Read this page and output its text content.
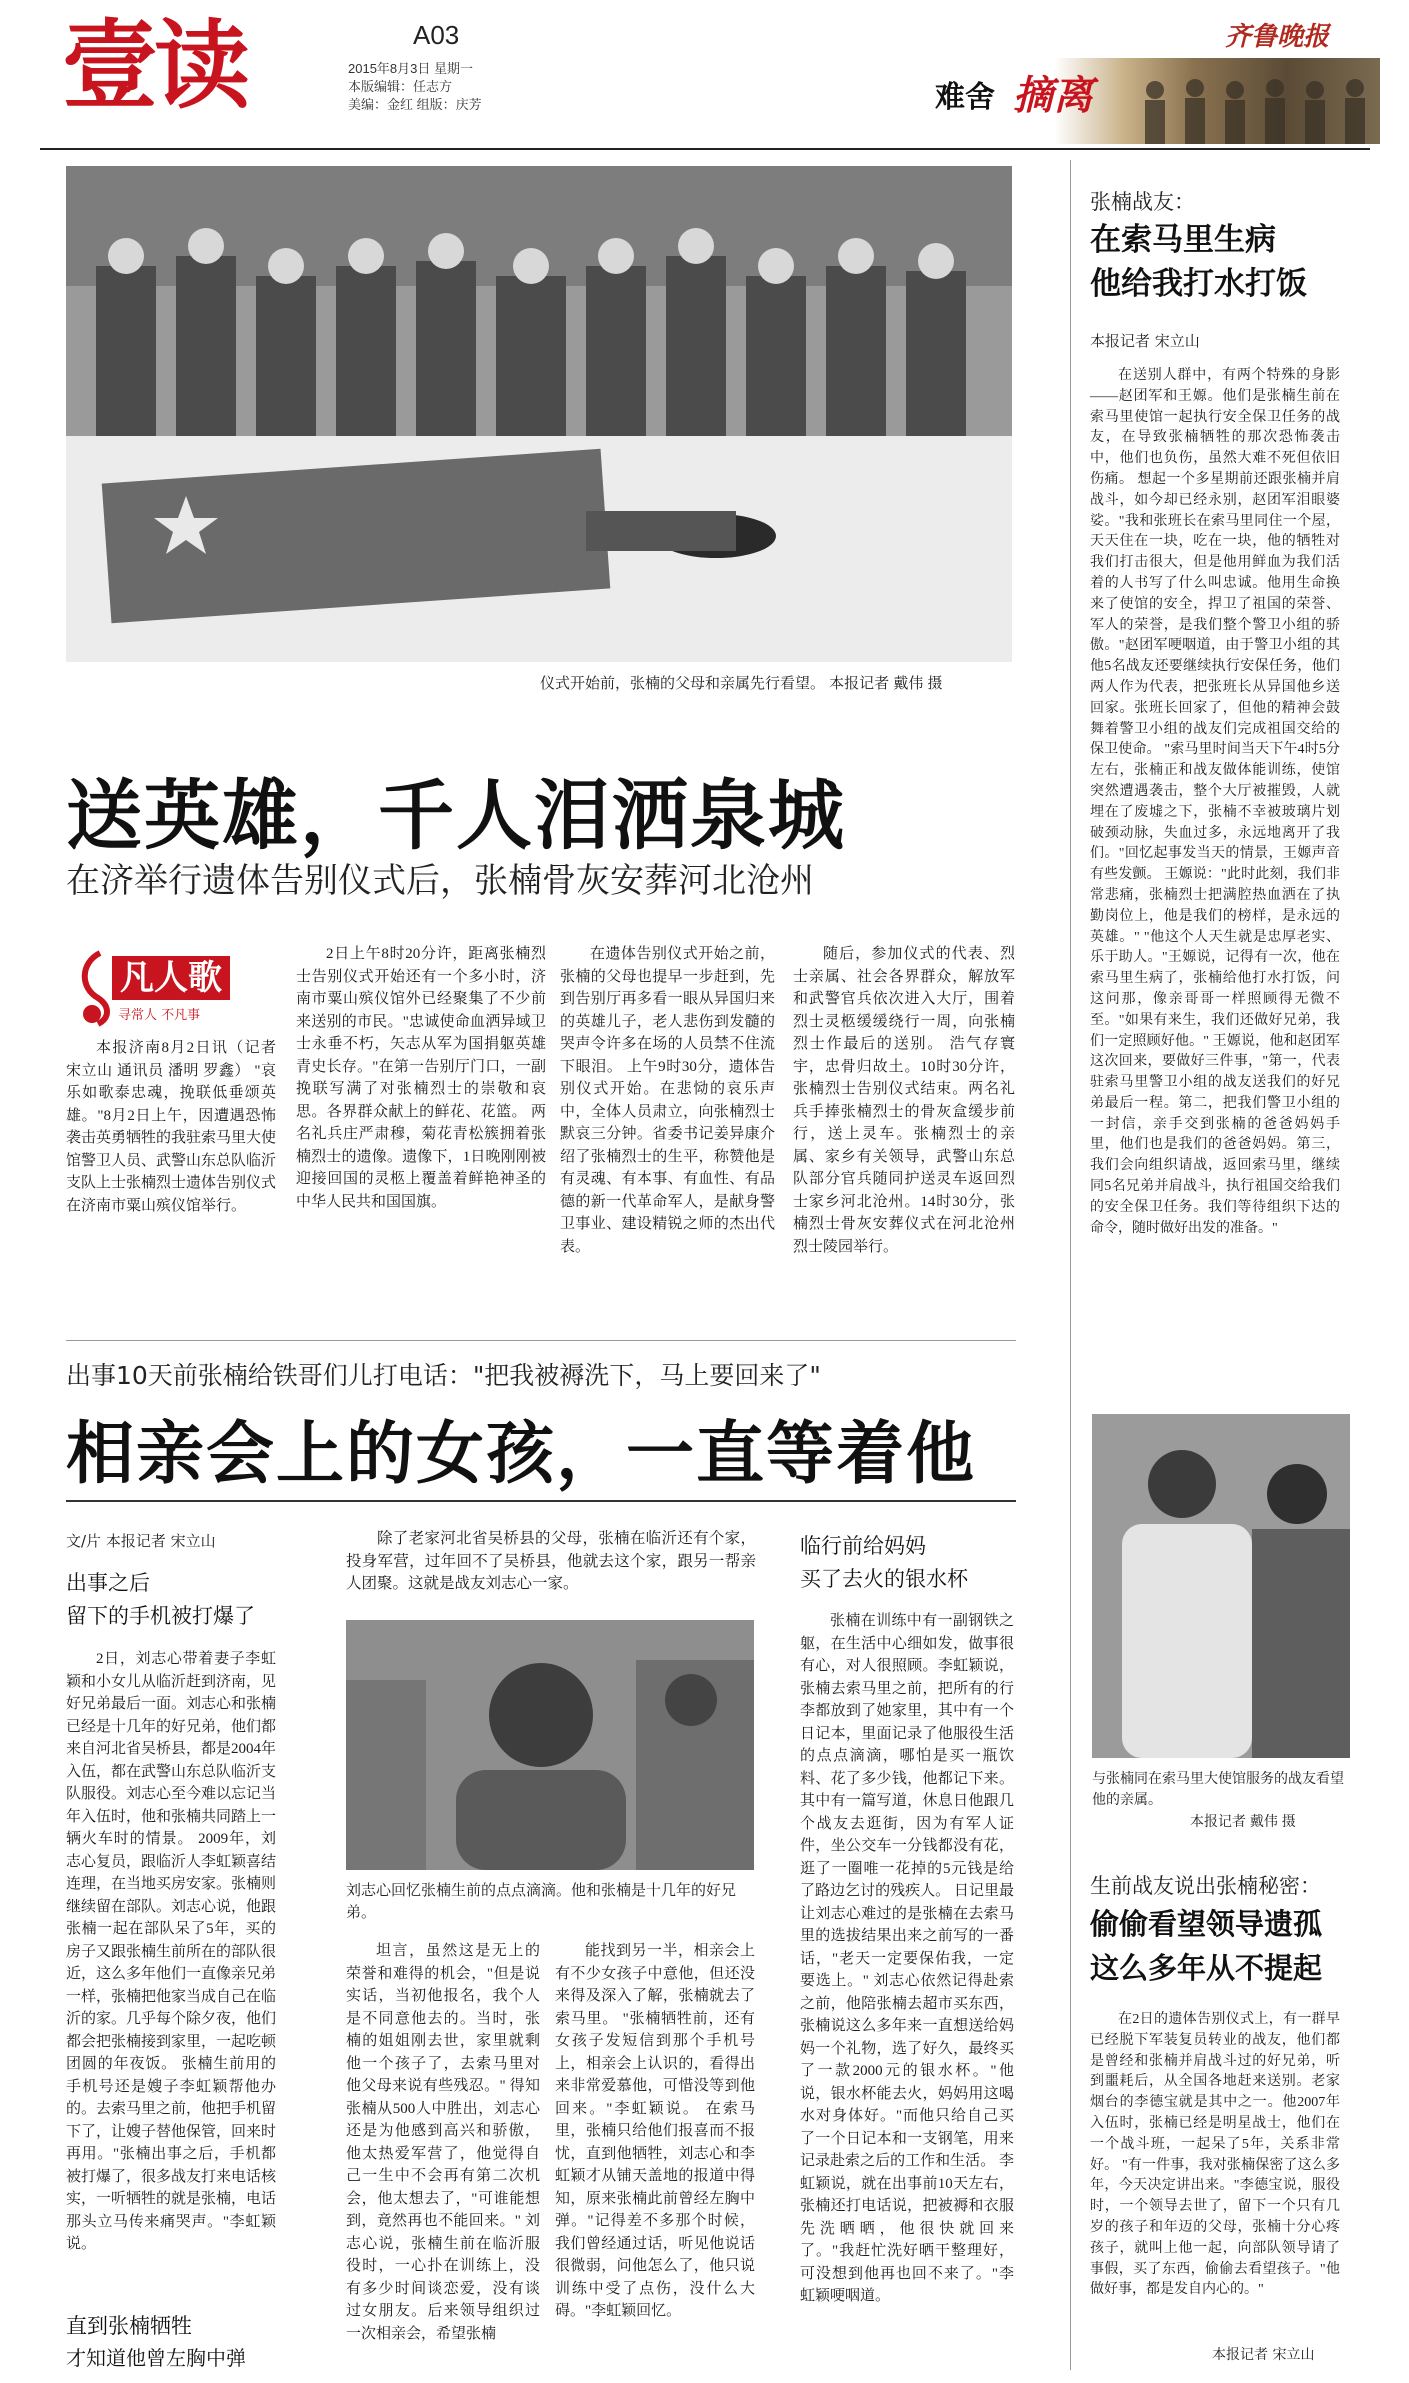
壹读	A03
2015年8月3日 星期一
本版编辑：任志方
美编：金红 组版：庆芳
齐鲁晚报
难舍 摘离
仪式开始前，张楠的父母和亲属先行看望。 本报记者 戴伟 摄
送英雄，千人泪洒泉城
在济举行遗体告别仪式后，张楠骨灰安葬河北沧州
凡人歌
寻常人 不凡事

本报济南8月2日讯（记者 宋立山 通讯员 潘明 罗鑫） "哀乐如歌泰忠魂，挽联低垂颂英雄。"8月2日上午，因遭遇恐怖袭击英勇牺牲的我驻索马里大使馆警卫人员、武警山东总队临沂支队上士张楠烈士遗体告别仪式在济南市粟山殡仪馆举行。

2日上午8时20分许，距离张楠烈士告别仪式开始还有一个多小时，济南市粟山殡仪馆外已经聚集了不少前来送别的市民。"忠诚使命血洒异域卫士永垂不朽，矢志从军为国捐躯英雄青史长存。"在第一告别厅门口，一副挽联写满了对张楠烈士的崇敬和哀思。各界群众献上的鲜花、花篮。 两名礼兵庄严肃穆，菊花青松簇拥着张楠烈士的遗像。遗像下，1日晚刚刚被迎接回国的灵柩上覆盖着鲜艳神圣的中华人民共和国国旗。

在遗体告别仪式开始之前，张楠的父母也提早一步赶到，先到告别厅再多看一眼从异国归来的英雄儿子，老人悲伤到发髓的哭声令许多在场的人员禁不住流下眼泪。 上午9时30分，遗体告别仪式开始。在悲恸的哀乐声中，全体人员肃立，向张楠烈士默哀三分钟。省委书记姜异康介绍了张楠烈士的生平，称赞他是有灵魂、有本事、有血性、有品德的新一代革命军人，是献身警卫事业、建设精锐之师的杰出代表。

随后，参加仪式的代表、烈士亲属、社会各界群众，解放军和武警官兵依次进入大厅，围着烈士灵柩缓缓绕行一周，向张楠烈士作最后的送别。 浩气存寰宇，忠骨归故土。10时30分许，张楠烈士告别仪式结束。两名礼兵手捧张楠烈士的骨灰盒缓步前行，送上灵车。张楠烈士的亲属、家乡有关领导，武警山东总队部分官兵随同护送灵车返回烈士家乡河北沧州。14时30分，张楠烈士骨灰安葬仪式在河北沧州烈士陵园举行。

出事10天前张楠给铁哥们儿打电话："把我被褥洗下，马上要回来了"
相亲会上的女孩，一直等着他
文/片 本报记者 宋立山
出事之后
留下的手机被打爆了

2日，刘志心带着妻子李虹颖和小女儿从临沂赶到济南，见好兄弟最后一面。刘志心和张楠已经是十几年的好兄弟，他们都来自河北省吴桥县，都是2004年入伍，都在武警山东总队临沂支队服役。刘志心至今难以忘记当年入伍时，他和张楠共同踏上一辆火车时的情景。 2009年，刘志心复员，跟临沂人李虹颖喜结连理，在当地买房安家。张楠则继续留在部队。刘志心说，他跟张楠一起在部队呆了5年，买的房子又跟张楠生前所在的部队很近，这么多年他们一直像亲兄弟一样，张楠把他家当成自己在临沂的家。几乎每个除夕夜，他们都会把张楠接到家里，一起吃顿团圆的年夜饭。 张楠生前用的手机号还是嫂子李虹颖帮他办的。去索马里之前，他把手机留下了，让嫂子替他保管，回来时再用。"张楠出事之后，手机都被打爆了，很多战友打来电话核实，一听牺牲的就是张楠，电话那头立马传来痛哭声。"李虹颖说。

直到张楠牺牲
才知道他曾左胸中弹

除了老家河北省吴桥县的父母，张楠在临沂还有个家，投身军营，过年回不了吴桥县，他就去这个家，跟另一帮亲人团聚。这就是战友刘志心一家。

刘志心回忆张楠生前的点点滴滴。他和张楠是十几年的好兄弟。

坦言，虽然这是无上的荣誉和难得的机会，"但是说实话，当初他报名，我个人是不同意他去的。当时，张楠的姐姐刚去世，家里就剩他一个孩子了，去索马里对他父母来说有些残忍。" 得知张楠从500人中胜出，刘志心还是为他感到高兴和骄傲，他太热爱军营了，他觉得自己一生中不会再有第二次机会，他太想去了，"可谁能想到，竟然再也不能回来。" 刘志心说，张楠生前在临沂服役时，一心扑在训练上，没有多少时间谈恋爱，没有谈过女朋友。后来领导组织过一次相亲会，希望张楠

能找到另一半，相亲会上有不少女孩子中意他，但还没来得及深入了解，张楠就去了索马里。 "张楠牺牲前，还有女孩子发短信到那个手机号上，相亲会上认识的，看得出来非常爱慕他，可惜没等到他回来。"李虹颖说。 在索马里，张楠只给他们报喜而不报忧，直到他牺牲，刘志心和李虹颖才从铺天盖地的报道中得知，原来张楠此前曾经左胸中弹。"记得差不多那个时候，我们曾经通过话，听见他说话很微弱，问他怎么了，他只说训练中受了点伤，没什么大碍。"李虹颖回忆。

临行前给妈妈
买了去火的银水杯

张楠在训练中有一副钢铁之躯，在生活中心细如发，做事很有心，对人很照顾。李虹颖说，张楠去索马里之前，把所有的行李都放到了她家里，其中有一个日记本，里面记录了他服役生活的点点滴滴，哪怕是买一瓶饮料、花了多少钱，他都记下来。其中有一篇写道，休息日他跟几个战友去逛街，因为有军人证件，坐公交车一分钱都没有花，逛了一圈唯一花掉的5元钱是给了路边乞讨的残疾人。 日记里最让刘志心难过的是张楠在去索马里的选拔结果出来之前写的一番话，"老天一定要保佑我，一定要选上。" 刘志心依然记得赴索之前，他陪张楠去超市买东西，张楠说这么多年来一直想送给妈妈一个礼物，选了好久，最终买了一款2000元的银水杯。"他说，银水杯能去火，妈妈用这喝水对身体好。"而他只给自己买了一个日记本和一支钢笔，用来记录赴索之后的工作和生活。 李虹颖说，就在出事前10天左右，张楠还打电话说，把被褥和衣服先洗晒晒，他很快就回来了。"我赶忙洗好晒干整理好，可没想到他再也回不来了。"李虹颖哽咽道。

张楠战友：
在索马里生病
他给我打水打饭
本报记者 宋立山

在送别人群中，有两个特殊的身影——赵团军和王嫄。他们是张楠生前在索马里使馆一起执行安全保卫任务的战友，在导致张楠牺牲的那次恐怖袭击中，他们也负伤，虽然大难不死但依旧伤痛。 想起一个多星期前还跟张楠并肩战斗，如今却已经永别，赵团军泪眼婆娑。"我和张班长在索马里同住一个屋，天天住在一块，吃在一块，他的牺牲对我们打击很大，但是他用鲜血为我们活着的人书写了什么叫忠诚。他用生命换来了使馆的安全，捍卫了祖国的荣誉、军人的荣誉，是我们整个警卫小组的骄傲。"赵团军哽咽道，由于警卫小组的其他5名战友还要继续执行安保任务，他们两人作为代表，把张班长从异国他乡送回家。张班长回家了，但他的精神会鼓舞着警卫小组的战友们完成祖国交给的保卫使命。 "索马里时间当天下午4时5分左右，张楠正和战友做体能训练，使馆突然遭遇袭击，整个大厅被摧毁，人就埋在了废墟之下，张楠不幸被玻璃片划破颈动脉，失血过多，永远地离开了我们。"回忆起事发当天的情景，王嫄声音有些发颤。 王嫄说："此时此刻，我们非常悲痛，张楠烈士把满腔热血洒在了执勤岗位上，他是我们的榜样，是永远的英雄。" "他这个人天生就是忠厚老实、乐于助人。"王嫄说，记得有一次，他在索马里生病了，张楠给他打水打饭，问这问那，像亲哥哥一样照顾得无微不至。"如果有来生，我们还做好兄弟，我们一定照顾好他。" 王嫄说，他和赵团军这次回来，要做好三件事，"第一，代表驻索马里警卫小组的战友送我们的好兄弟最后一程。第二，把我们警卫小组的一封信，亲手交到张楠的爸爸妈妈手里，他们也是我们的爸爸妈妈。第三，我们会向组织请战，返回索马里，继续同5名兄弟并肩战斗，执行祖国交给我们的安全保卫任务。我们等待组织下达的命令，随时做好出发的准备。"

与张楠同在索马里大使馆服务的战友看望他的亲属。
本报记者 戴伟 摄
生前战友说出张楠秘密：
偷偷看望领导遗孤
这么多年从不提起

在2日的遗体告别仪式上，有一群早已经脱下军装复员转业的战友，他们都是曾经和张楠并肩战斗过的好兄弟，听到噩耗后，从全国各地赶来送别。老家烟台的李德宝就是其中之一。他2007年入伍时，张楠已经是明星战士，他们在一个战斗班，一起呆了5年，关系非常好。 "有一件事，我对张楠保密了这么多年，今天决定讲出来。"李德宝说，服役时，一个领导去世了，留下一个只有几岁的孩子和年迈的父母，张楠十分心疼孩子，就叫上他一起，向部队领导请了事假，买了东西，偷偷去看望孩子。"他做好事，都是发自内心的。"

本报记者 宋立山
